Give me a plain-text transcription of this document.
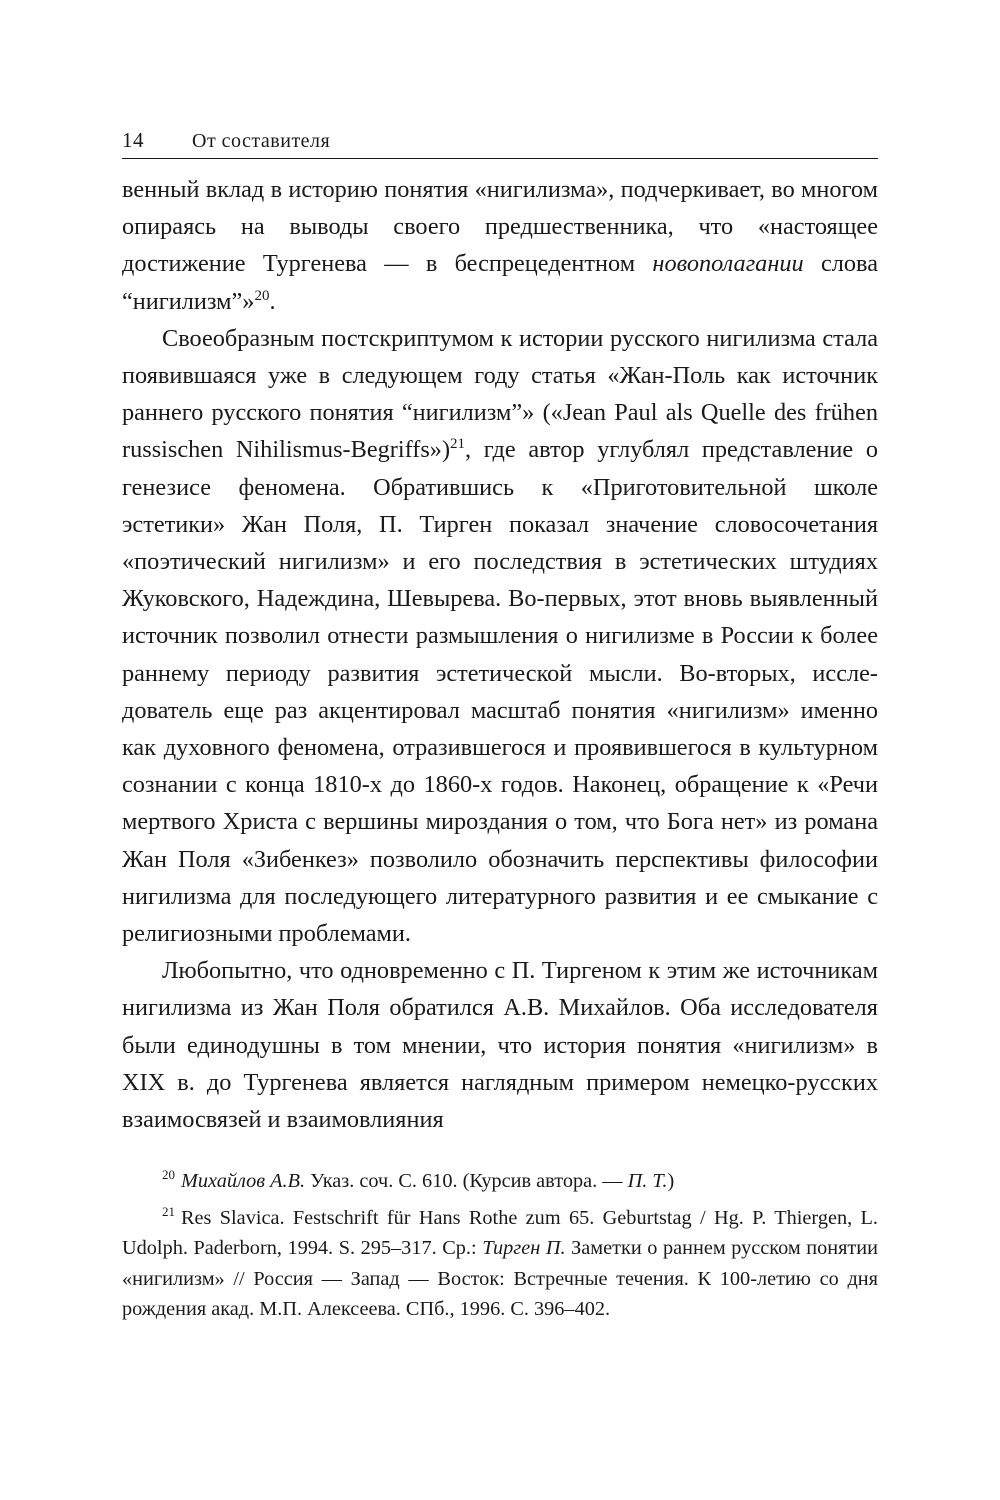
14	От составителя

венный вклад в историю понятия «нигилизма», подчеркивает, во многом опираясь на выводы своего предшественника, что «настоящее достижение Тургенева — в беспрецедентном новополагании слова “нигилизм”»$^{20}$.

Своеобразным постскриптумом к истории русского нигилизма стала появившаяся уже в следующем году статья «Жан-Поль как источник раннего русского понятия “нигилизм”» («Jean Paul als Quelle des frühen russischen Nihilismus-Begriffs»)$^{21}$, где автор углублял представление о генезисе феномена. Обратившись к «Приготовительной школе эстетики» Жан Поля, П. Тирген показал значение словосочетания «поэтический нигилизм» и его последствия в эстетических штудиях Жуковского, Надеждина, Шевырева. Во-первых, этот вновь выявленный источник позволил отнести размышления о нигилизме в России к более раннему периоду развития эстетической мысли. Во-вторых, исследователь еще раз акцентировал масштаб понятия «нигилизм» именно как духовного феномена, отразившегося и проявившегося в культурном сознании с конца 1810-х до 1860-х годов. Наконец, обращение к «Речи мертвого Христа с вершины мироздания о том, что Бога нет» из романа Жан Поля «Зибенкез» позволило обозначить перспективы философии нигилизма для последующего литературного развития и ее смыкание с религиозными проблемами.

Любопытно, что одновременно с П. Тиргеном к этим же источникам нигилизма из Жан Поля обратился А.В. Михайлов. Оба исследователя были единодушны в том мнении, что история понятия «нигилизм» в XIX в. до Тургенева является наглядным примером немецко-русских взаимосвязей и взаимовлияния

$^{20}$ Михайлов А.В. Указ. соч. С. 610. (Курсив автора. — П. Т.)

$^{21}$ Res Slavica. Festschrift für Hans Rothe zum 65. Geburtstag / Hg. P. Thiergen, L. Udolph. Paderborn, 1994. S. 295–317. Ср.: Тирген П. Заметки о раннем русском понятии «нигилизм» // Россия — Запад — Восток: Встречные течения. К 100-летию со дня рождения акад. М.П. Алексеева. СПб., 1996. С. 396–402.
